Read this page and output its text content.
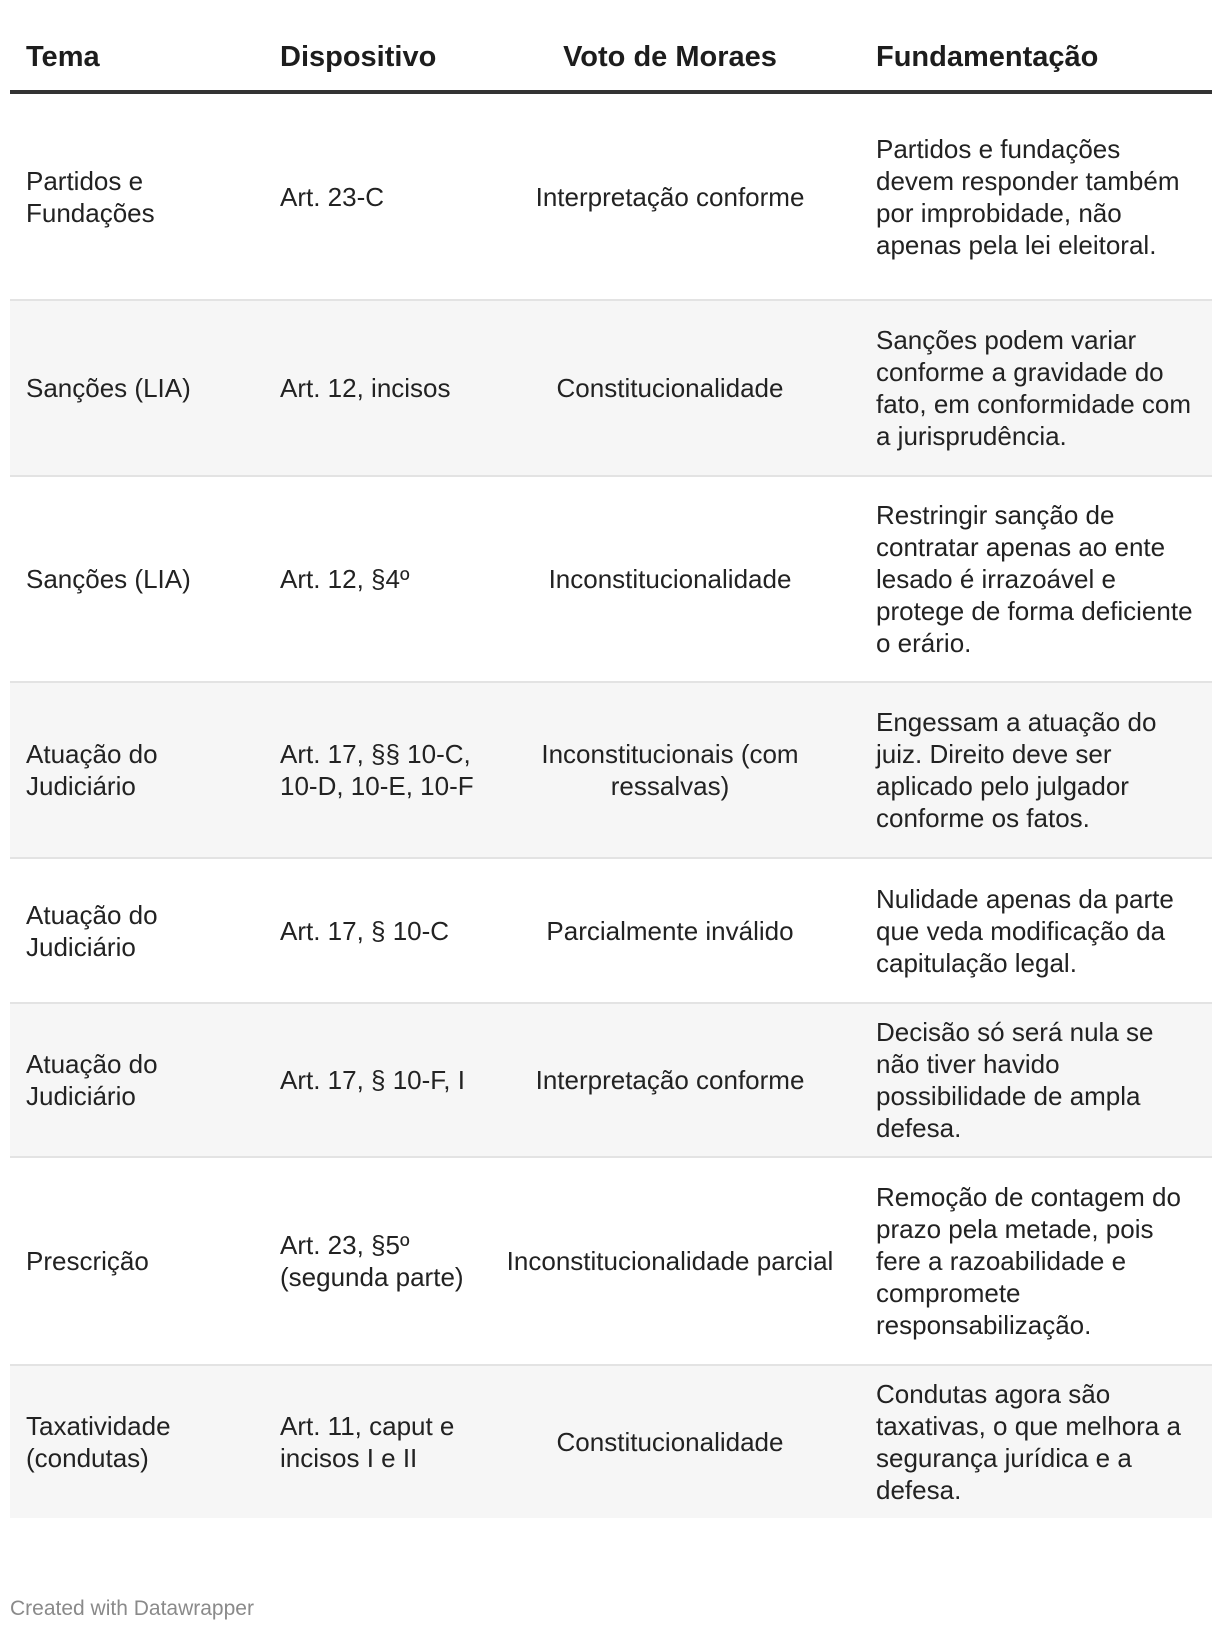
Tema	Dispositivo	Voto de Moraes	Fundamentação
Partidos e Fundações	Art. 23-C	Interpretação conforme	Partidos e fundações devem responder também por improbidade, não apenas pela lei eleitoral.
Sanções (LIA)	Art. 12, incisos	Constitucionalidade	Sanções podem variar conforme a gravidade do fato, em conformidade com a jurisprudência.
Sanções (LIA)	Art. 12, §4º	Inconstitucionalidade	Restringir sanção de contratar apenas ao ente lesado é irrazoável e protege de forma deficiente o erário.
Atuação do Judiciário	Art. 17, §§ 10-C, 10-D, 10-E, 10-F	Inconstitucionais (com ressalvas)	Engessam a atuação do juiz. Direito deve ser aplicado pelo julgador conforme os fatos.
Atuação do Judiciário	Art. 17, § 10-C	Parcialmente inválido	Nulidade apenas da parte que veda modificação da capitulação legal.
Atuação do Judiciário	Art. 17, § 10-F, I	Interpretação conforme	Decisão só será nula se não tiver havido possibilidade de ampla defesa.
Prescrição	Art. 23, §5º (segunda parte)	Inconstitucionalidade parcial	Remoção de contagem do prazo pela metade, pois fere a razoabilidade e compromete responsabilização.
Taxatividade (condutas)	Art. 11, caput e incisos I e II	Constitucionalidade	Condutas agora são taxativas, o que melhora a segurança jurídica e a defesa.
Created with Datawrapper
